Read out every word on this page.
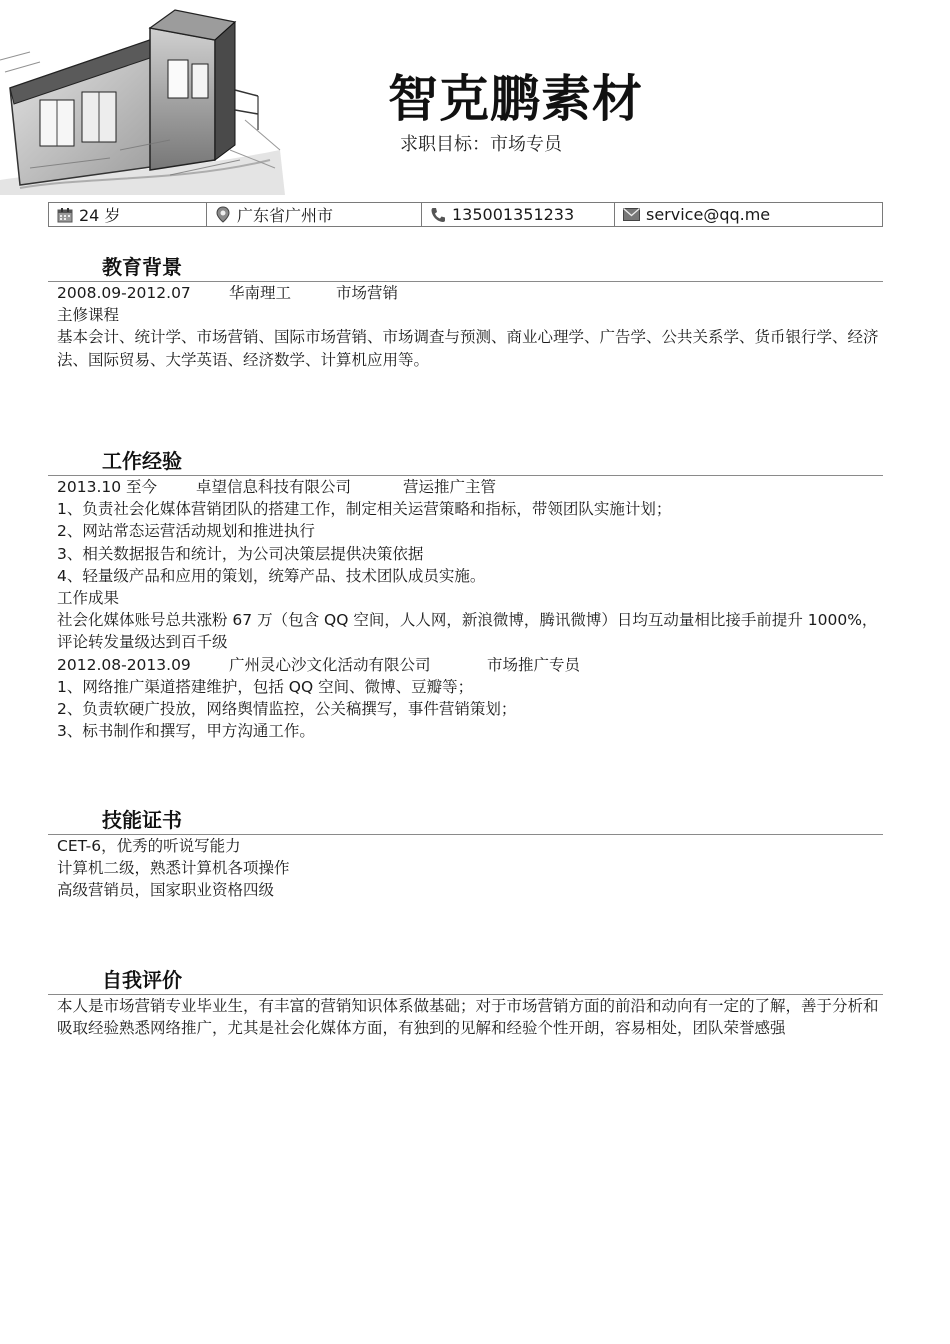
智克鹏素材
求职目标：市场专员
24 岁	广东省广州市	135001351233	service@qq.me
教育背景
2008.09-2012.07	华南理工	市场营销

主修课程

基本会计、统计学、市场营销、国际市场营销、市场调查与预测、商业心理学、广告学、公共关系学、货币银行学、经济法、国际贸易、大学英语、经济数学、计算机应用等。

工作经验
2013.10 至今	卓望信息科技有限公司	营运推广主管

1、负责社会化媒体营销团队的搭建工作，制定相关运营策略和指标，带领团队实施计划；

2、网站常态运营活动规划和推进执行

3、相关数据报告和统计，为公司决策层提供决策依据

4、轻量级产品和应用的策划，统筹产品、技术团队成员实施。

工作成果

社会化媒体账号总共涨粉 67 万（包含 QQ 空间，人人网，新浪微博，腾讯微博）日均互动量相比接手前提升 1000%，评论转发量级达到百千级

2012.08-2013.09	广州灵心沙文化活动有限公司	市场推广专员

1、网络推广渠道搭建维护，包括 QQ 空间、微博、豆瓣等；

2、负责软硬广投放，网络舆情监控，公关稿撰写，事件营销策划；

3、标书制作和撰写，甲方沟通工作。

技能证书

CET-6，优秀的听说写能力

计算机二级，熟悉计算机各项操作

高级营销员，国家职业资格四级

自我评价

本人是市场营销专业毕业生，有丰富的营销知识体系做基础；对于市场营销方面的前沿和动向有一定的了解，善于分析和吸取经验熟悉网络推广，尤其是社会化媒体方面，有独到的见解和经验个性开朗，容易相处，团队荣誉感强
